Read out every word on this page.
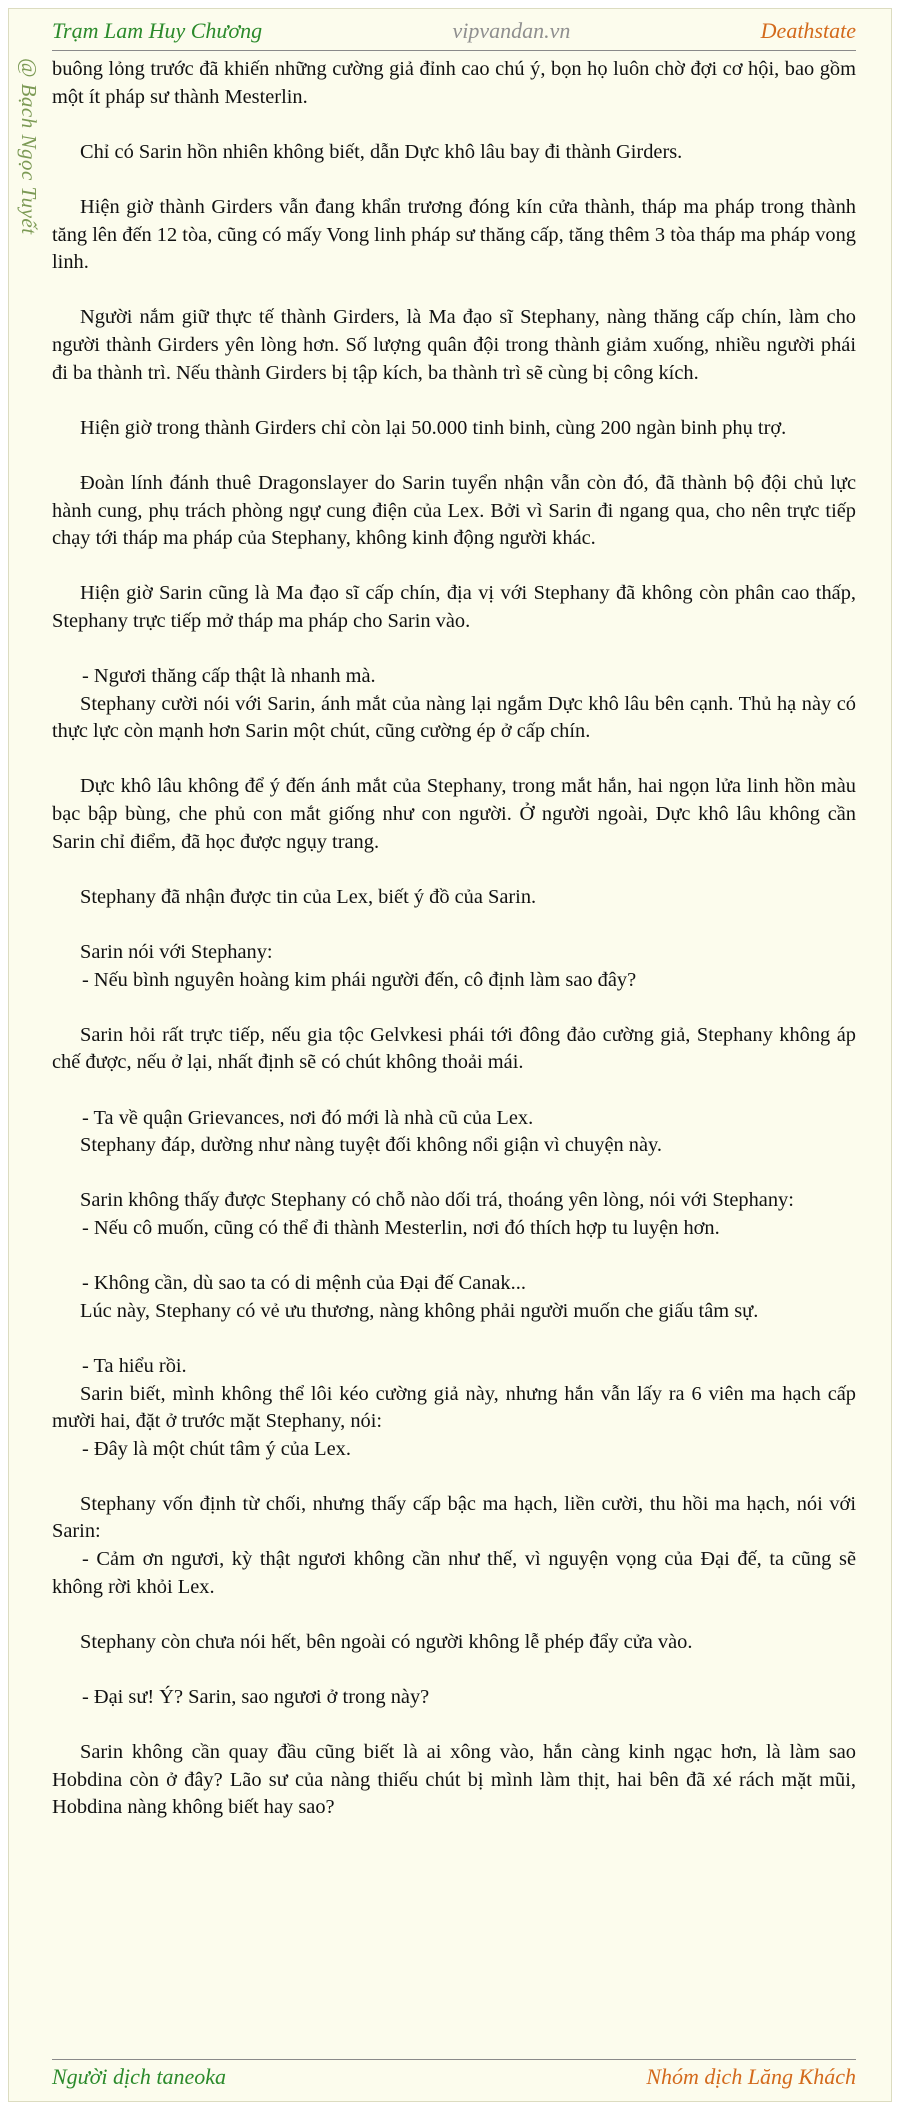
Trạm Lam Huy Chương	vipvandan.vn	Deathstate
@ Bạch Ngọc Tuyết buông lỏng trước đã khiến những cường giả đỉnh cao chú ý, bọn họ luôn chờ đợi cơ hội, bao gồm một ít pháp sư thành Mesterlin.

Chỉ có Sarin hồn nhiên không biết, dẫn Dực khô lâu bay đi thành Girders.

Hiện giờ thành Girders vẫn đang khẩn trương đóng kín cửa thành, tháp ma pháp trong thành tăng lên đến 12 tòa, cũng có mấy Vong linh pháp sư thăng cấp, tăng thêm 3 tòa tháp ma pháp vong linh.

Người nắm giữ thực tế thành Girders, là Ma đạo sĩ Stephany, nàng thăng cấp chín, làm cho người thành Girders yên lòng hơn. Số lượng quân đội trong thành giảm xuống, nhiều người phái đi ba thành trì. Nếu thành Girders bị tập kích, ba thành trì sẽ cùng bị công kích.

Hiện giờ trong thành Girders chỉ còn lại 50.000 tinh binh, cùng 200 ngàn binh phụ trợ.

Đoàn lính đánh thuê Dragonslayer do Sarin tuyển nhận vẫn còn đó, đã thành bộ đội chủ lực hành cung, phụ trách phòng ngự cung điện của Lex. Bởi vì Sarin đi ngang qua, cho nên trực tiếp chạy tới tháp ma pháp của Stephany, không kinh động người khác.

Hiện giờ Sarin cũng là Ma đạo sĩ cấp chín, địa vị với Stephany đã không còn phân cao thấp, Stephany trực tiếp mở tháp ma pháp cho Sarin vào.

- Ngươi thăng cấp thật là nhanh mà.
Stephany cười nói với Sarin, ánh mắt của nàng lại ngắm Dực khô lâu bên cạnh. Thủ hạ này có thực lực còn mạnh hơn Sarin một chút, cũng cường ép ở cấp chín.

Dực khô lâu không để ý đến ánh mắt của Stephany, trong mắt hắn, hai ngọn lửa linh hồn màu bạc bập bùng, che phủ con mắt giống như con người. Ở người ngoài, Dực khô lâu không cần Sarin chỉ điểm, đã học được ngụy trang.

Stephany đã nhận được tin của Lex, biết ý đồ của Sarin.

Sarin nói với Stephany:
- Nếu bình nguyên hoàng kim phái người đến, cô định làm sao đây?

Sarin hỏi rất trực tiếp, nếu gia tộc Gelvkesi phái tới đông đảo cường giả, Stephany không áp chế được, nếu ở lại, nhất định sẽ có chút không thoải mái.

- Ta về quận Grievances, nơi đó mới là nhà cũ của Lex.
Stephany đáp, dường như nàng tuyệt đối không nổi giận vì chuyện này.

Sarin không thấy được Stephany có chỗ nào dối trá, thoáng yên lòng, nói với Stephany:
- Nếu cô muốn, cũng có thể đi thành Mesterlin, nơi đó thích hợp tu luyện hơn.

- Không cần, dù sao ta có di mệnh của Đại đế Canak...
Lúc này, Stephany có vẻ ưu thương, nàng không phải người muốn che giấu tâm sự.

- Ta hiểu rồi.
Sarin biết, mình không thể lôi kéo cường giả này, nhưng hắn vẫn lấy ra 6 viên ma hạch cấp mười hai, đặt ở trước mặt Stephany, nói:
- Đây là một chút tâm ý của Lex.

Stephany vốn định từ chối, nhưng thấy cấp bậc ma hạch, liền cười, thu hồi ma hạch, nói với Sarin:
- Cảm ơn ngươi, kỳ thật ngươi không cần như thế, vì nguyện vọng của Đại đế, ta cũng sẽ không rời khỏi Lex.

Stephany còn chưa nói hết, bên ngoài có người không lễ phép đẩy cửa vào.

- Đại sư! Ý? Sarin, sao ngươi ở trong này?

Sarin không cần quay đầu cũng biết là ai xông vào, hắn càng kinh ngạc hơn, là làm sao Hobdina còn ở đây? Lão sư của nàng thiếu chút bị mình làm thịt, hai bên đã xé rách mặt mũi, Hobdina nàng không biết hay sao?

Người dịch taneoka	Nhóm dịch Lăng Khách
